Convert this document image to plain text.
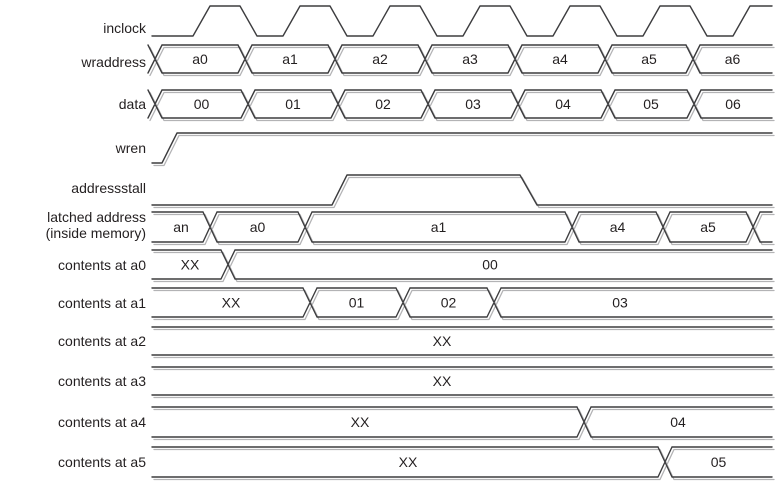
inclock
a0	a1	a2	a3	a4	a5	a6
wraddress
00	01	02	03	04	05	06
data
wren
addressstall
an	a0	a1	a4	a5
latched address
(inside memory)
XX	00
contents at a0
XX	01	02	03
contents at a1
XX
contents at a2
XX
contents at a3
XX	04
contents at a4
XX	05
contents at a5
